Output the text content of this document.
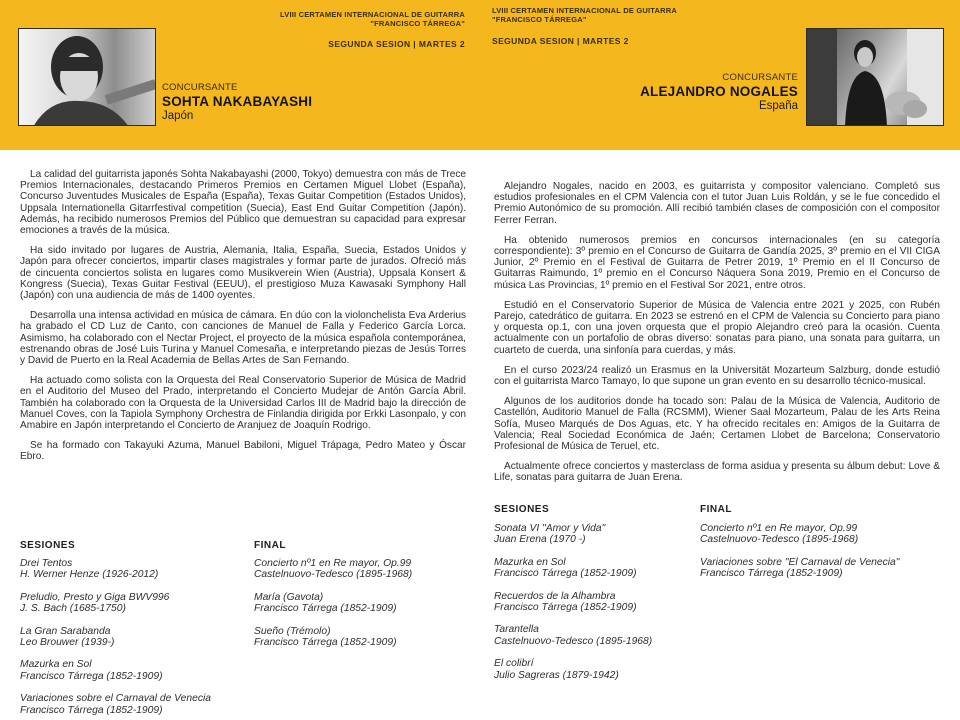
LVIII CERTAMEN INTERNACIONAL DE GUITARRA
"FRANCISCO TÁRREGA"
LVIII CERTAMEN INTERNACIONAL DE GUITARRA
"FRANCISCO TÁRREGA"
SEGUNDA SESION | MARTES 2	SEGUNDA SESION | MARTES 2
CONCURSANTE
SOHTA NAKABAYASHI
Japón
CONCURSANTE
ALEJANDRO NOGALES
España

La calidad del guitarrista japonés Sohta Nakabayashi (2000, Tokyo) demuestra con más de Trece Premios Internacionales, destacando Primeros Premios en Certamen Miguel Llobet (España), Concurso Juventudes Musicales de España (España), Texas Guitar Competition (Estados Unidos), Uppsala Internationella Gitarrfestival competition (Suecia), East End Guitar Competition (Japón). Además, ha recibido numerosos Premios del Público que demuestran su capacidad para expresar emociones a través de la música.

Ha sido invitado por lugares de Austria, Alemania, Italia, España, Suecia, Estados Unidos y Japón para ofrecer conciertos, impartir clases magistrales y formar parte de jurados. Ofreció más de cincuenta conciertos solista en lugares como Musikverein Wien (Austria), Uppsala Konsert & Kongress (Suecia), Texas Guitar Festival (EEUU), el prestigioso Muza Kawasaki Symphony Hall (Japón) con una audiencia de más de 1400 oyentes.

Desarrolla una intensa actividad en música de cámara. En dúo con la violonchelista Eva Arderius ha grabado el CD Luz de Canto, con canciones de Manuel de Falla y Federico García Lorca. Asimismo, ha colaborado con el Nectar Project, el proyecto de la música española contemporánea, estrenando obras de José Luis Turina y Manuel Comesaña, e interpretando piezas de Jesús Torres y David de Puerto en la Real Academia de Bellas Artes de San Fernando.

Ha actuado como solista con la Orquesta del Real Conservatorio Superior de Música de Madrid en el Auditorio del Museo del Prado, interpretando el Concierto Mudejar de Antón García Abril. También ha colaborado con la Orquesta de la Universidad Carlos III de Madrid bajo la dirección de Manuel Coves, con la Tapiola Symphony Orchestra de Finlandia dirigida por Erkki Lasonpalo, y con Amabire en Japón interpretando el Concierto de Aranjuez de Joaquín Rodrigo.

Se ha formado con Takayuki Azuma, Manuel Babiloni, Miguel Trápaga, Pedro Mateo y Óscar Ebro.

Alejandro Nogales, nacido en 2003, es guitarrista y compositor valenciano. Completó sus estudios profesionales en el CPM Valencia con el tutor Juan Luis Roldán, y se le fue concedido el Premio Autonómico de su promoción. Allí recibió también clases de composición con el compositor Ferrer Ferran.

Ha obtenido numerosos premios en concursos internacionales (en su categoría correspondiente): 3º premio en el Concurso de Guitarra de Gandía 2025, 3º premio en el VII CIGA Junior, 2º Premio en el Festival de Guitarra de Petrer 2019, 1º Premio en el II Concurso de Guitarras Raimundo, 1º premio en el Concurso Náquera Sona 2019, Premio en el Concurso de música Las Provincias, 1º premio en el Festival Sor 2021, entre otros.

Estudió en el Conservatorio Superior de Música de Valencia entre 2021 y 2025, con Rubén Parejo, catedrático de guitarra. En 2023 se estrenó en el CPM de Valencia su Concierto para piano y orquesta op.1, con una joven orquesta que el propio Alejandro creó para la ocasión. Cuenta actualmente con un portafolio de obras diverso: sonatas para piano, una sonata para guitarra, un cuarteto de cuerda, una sinfonía para cuerdas, y más.

En el curso 2023/24 realizó un Erasmus en la Universität Mozarteum Salzburg, donde estudió con el guitarrista Marco Tamayo, lo que supone un gran evento en su desarrollo técnico-musical.

Algunos de los auditorios donde ha tocado son: Palau de la Música de Valencia, Auditorio de Castellón, Auditorio Manuel de Falla (RCSMM), Wiener Saal Mozarteum, Palau de les Arts Reina Sofía, Museo Marqués de Dos Aguas, etc. Y ha ofrecido recitales en: Amigos de la Guitarra de Valencia; Real Sociedad Económica de Jaén; Certamen Llobet de Barcelona; Conservatorio Profesional de Música de Teruel, etc.

Actualmente ofrece conciertos y masterclass de forma asidua y presenta su álbum debut: Love & Life, sonatas para guitarra de Juan Erena.

SESIONES
Drei Tentos
H. Werner Henze (1926-2012)
Preludio, Presto y Giga BWV996
J. S. Bach (1685-1750)
La Gran Sarabanda
Leo Brouwer (1939-)
Mazurka en Sol
Francisco Tárrega (1852-1909)
Variaciones sobre el Carnaval de Venecia
Francisco Tárrega (1852-1909)
FINAL
Concierto nº1 en Re mayor, Op.99
Castelnuovo-Tedesco (1895-1968)
María (Gavota)
Francisco Tárrega (1852-1909)
Sueño (Trémolo)
Francisco Tárrega (1852-1909)
SESIONES
Sonata VI "Amor y Vida"
Juan Erena (1970 -)
Mazurka en Sol
Francisco Tárrega (1852-1909)
Recuerdos de la Alhambra
Francisco Tárrega (1852-1909)
Tarantella
Castelnuovo-Tedesco (1895-1968)
El colibrí
Julio Sagreras (1879-1942)
FINAL
Concierto nº1 en Re mayor, Op.99
Castelnuovo-Tedesco (1895-1968)
Variaciones sobre "El Carnaval de Venecia"
Francisco Tárrega (1852-1909)
